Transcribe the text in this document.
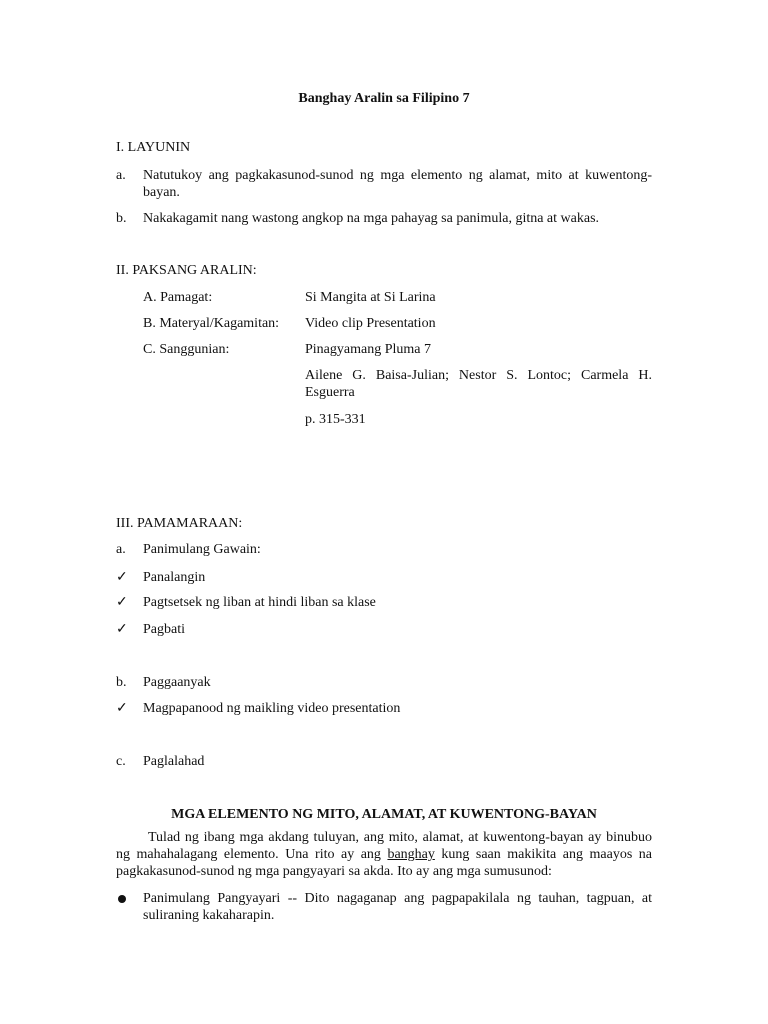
Banghay Aralin sa Filipino 7
I. LAYUNIN
a. Natutukoy ang pagkakasunod-sunod ng mga elemento ng alamat, mito at kuwentong-bayan.
b. Nakakagamit nang wastong angkop na mga pahayag sa panimula, gitna at wakas.
II. PAKSANG ARALIN:
A. Pamagat:	Si Mangita at Si Larina
B. Materyal/Kagamitan: Video clip Presentation
C. Sanggunian:	Pinagyamang Pluma 7
Ailene G. Baisa-Julian; Nestor S. Lontoc; Carmela H. Esguerra
p. 315-331
III. PAMAMARAAN:
a. Panimulang Gawain:
✓ Panalangin
✓ Pagtsetsek ng liban at hindi liban sa klase
✓ Pagbati
b. Paggaanyak
✓ Magpapanood ng maikling video presentation
c. Paglalahad
MGA ELEMENTO NG MITO, ALAMAT, AT KUWENTONG-BAYAN
Tulad ng ibang mga akdang tuluyan, ang mito, alamat, at kuwentong-bayan ay binubuo ng mahahalagang elemento. Una rito ay ang banghay kung saan makikita ang maayos na pagkakasunod-sunod ng mga pangyayari sa akda. Ito ay ang mga sumusunod:
Panimulang Pangyayari -- Dito nagaganap ang pagpapakilala ng tauhan, tagpuan, at suliraning kakaharapin.
